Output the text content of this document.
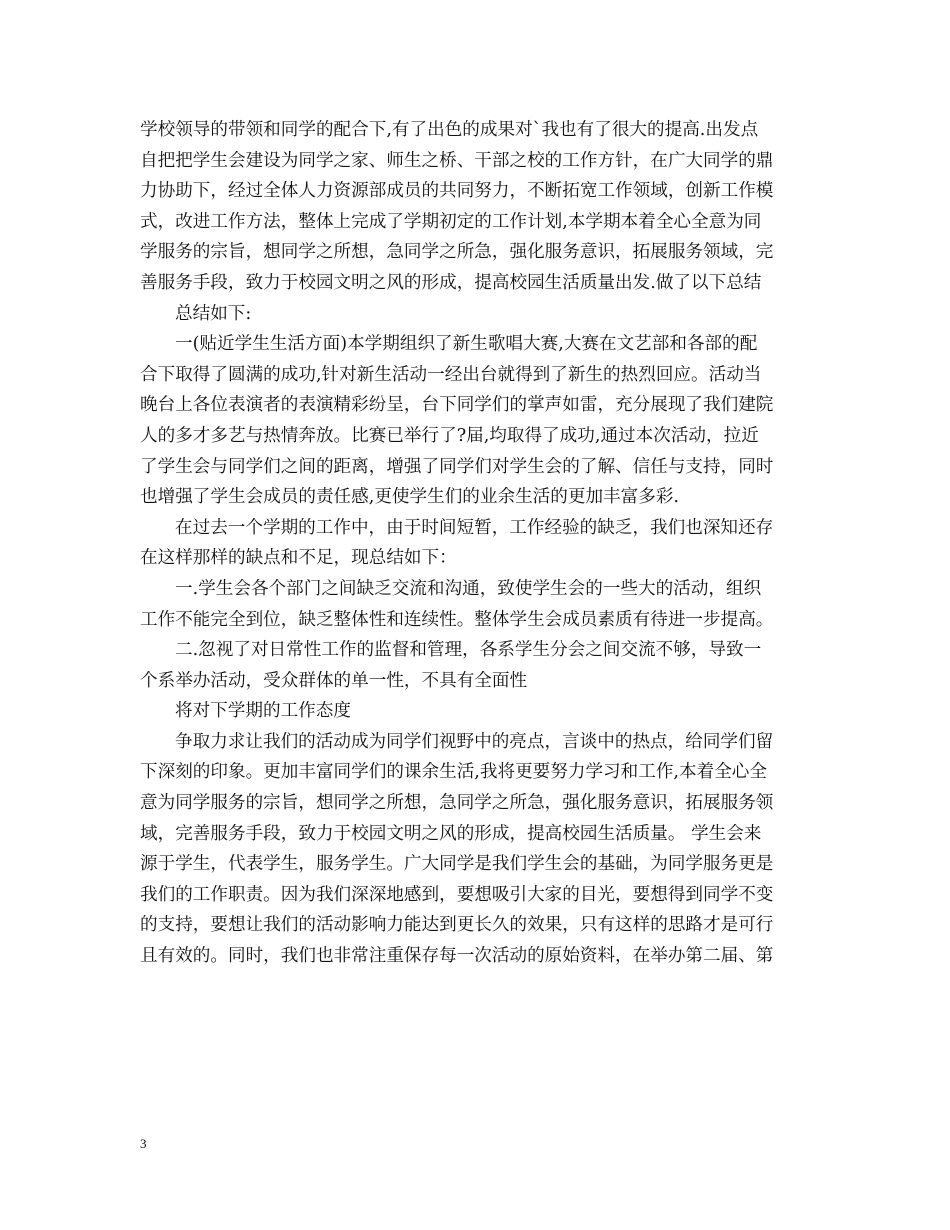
学校领导的带领和同学的配合下,有了出色的成果对`我也有了很大的提高.出发点
自把把学生会建设为同学之家、师生之桥、干部之校的工作方针，在广大同学的鼎
力协助下，经过全体人力资源部成员的共同努力，不断拓宽工作领域，创新工作模
式，改进工作方法，整体上完成了学期初定的工作计划,本学期本着全心全意为同
学服务的宗旨，想同学之所想，急同学之所急，强化服务意识，拓展服务领域，完
善服务手段，致力于校园文明之风的形成，提高校园生活质量出发.做了以下总结
总结如下:
一(贴近学生生活方面)本学期组织了新生歌唱大赛,大赛在文艺部和各部的配
合下取得了圆满的成功,针对新生活动一经出台就得到了新生的热烈回应。活动当
晚台上各位表演者的表演精彩纷呈，台下同学们的掌声如雷，充分展现了我们建院
人的多才多艺与热情奔放。比赛已举行了?届,均取得了成功,通过本次活动，拉近
了学生会与同学们之间的距离，增强了同学们对学生会的了解、信任与支持，同时
也增强了学生会成员的责任感,更使学生们的业余生活的更加丰富多彩.
在过去一个学期的工作中，由于时间短暂，工作经验的缺乏，我们也深知还存
在这样那样的缺点和不足，现总结如下：
一.学生会各个部门之间缺乏交流和沟通，致使学生会的一些大的活动，组织
工作不能完全到位，缺乏整体性和连续性。整体学生会成员素质有待进一步提高。
二.忽视了对日常性工作的监督和管理，各系学生分会之间交流不够，导致一
个系举办活动，受众群体的单一性，不具有全面性
将对下学期的工作态度
争取力求让我们的活动成为同学们视野中的亮点，言谈中的热点，给同学们留
下深刻的印象。更加丰富同学们的课余生活,我将更要努力学习和工作,本着全心全
意为同学服务的宗旨，想同学之所想，急同学之所急，强化服务意识，拓展服务领
域，完善服务手段，致力于校园文明之风的形成，提高校园生活质量。 学生会来
源于学生，代表学生，服务学生。广大同学是我们学生会的基础，为同学服务更是
我们的工作职责。因为我们深深地感到，要想吸引大家的目光，要想得到同学不变
的支持，要想让我们的活动影响力能达到更长久的效果，只有这样的思路才是可行
且有效的。同时，我们也非常注重保存每一次活动的原始资料，在举办第二届、第
3
